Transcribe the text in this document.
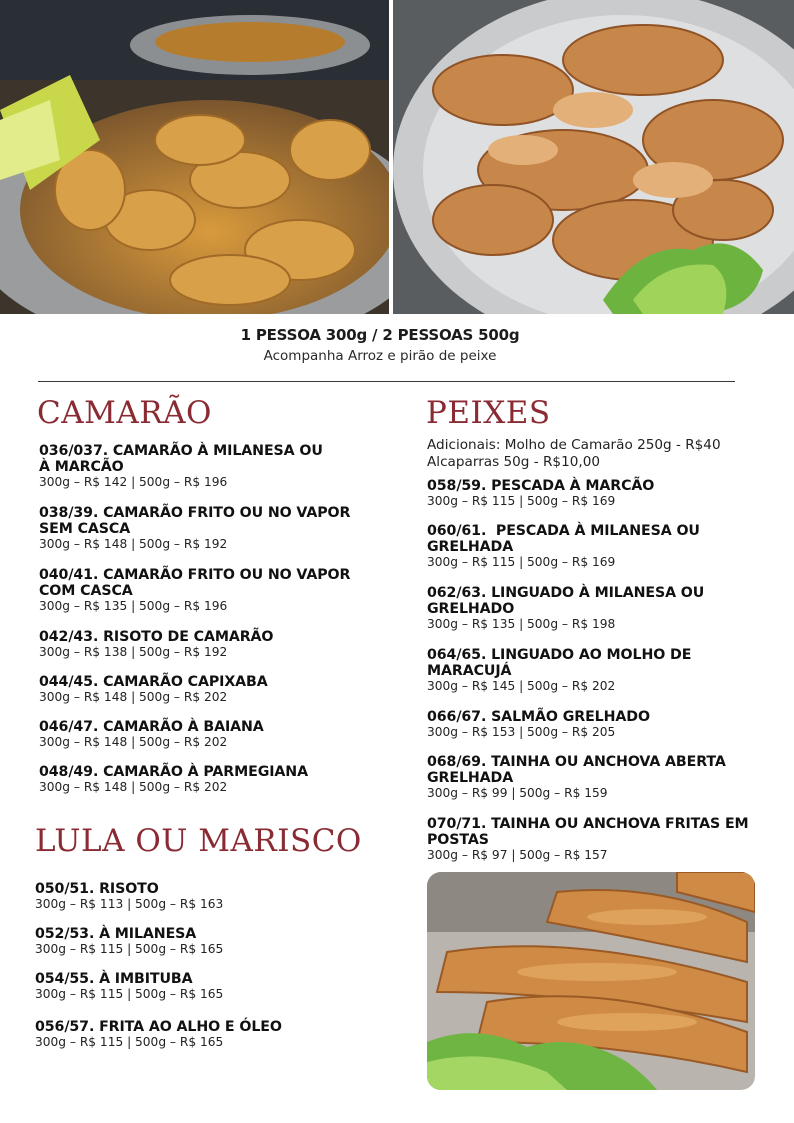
1 PESSOA 300g / 2 PESSOAS 500g
Acompanha Arroz e pirão de peixe
CAMARÃO
036/037. CAMARÃO À MILANESA OU
À MARCÃO
300g – R$ 142 | 500g – R$ 196
038/39. CAMARÃO FRITO OU NO VAPOR
SEM CASCA
300g – R$ 148 | 500g – R$ 192
040/41. CAMARÃO FRITO OU NO VAPOR
COM CASCA
300g – R$ 135 | 500g – R$ 196
042/43. RISOTO DE CAMARÃO
300g – R$ 138 | 500g – R$ 192
044/45. CAMARÃO CAPIXABA
300g – R$ 148 | 500g – R$ 202
046/47. CAMARÃO À BAIANA
300g – R$ 148 | 500g – R$ 202
048/49. CAMARÃO À PARMEGIANA
300g – R$ 148 | 500g – R$ 202
LULA OU MARISCO
050/51. RISOTO
300g – R$ 113 | 500g – R$ 163
052/53. À MILANESA
300g – R$ 115 | 500g – R$ 165
054/55. À IMBITUBA
300g – R$ 115 | 500g – R$ 165
056/57. FRITA AO ALHO E ÓLEO
300g – R$ 115 | 500g – R$ 165
PEIXES
Adicionais: Molho de Camarão 250g - R$40
Alcaparras 50g - R$10,00
058/59. PESCADA À MARCÃO
300g – R$ 115 | 500g – R$ 169
060/61.  PESCADA À MILANESA OU
GRELHADA
300g – R$ 115 | 500g – R$ 169
062/63. LINGUADO À MILANESA OU
GRELHADO
300g – R$ 135 | 500g – R$ 198
064/65. LINGUADO AO MOLHO DE
MARACUJÁ
300g – R$ 145 | 500g – R$ 202
066/67. SALMÃO GRELHADO
300g – R$ 153 | 500g – R$ 205
068/69. TAINHA OU ANCHOVA ABERTA
GRELHADA
300g – R$ 99 | 500g – R$ 159
070/71. TAINHA OU ANCHOVA FRITAS EM
POSTAS
300g – R$ 97 | 500g – R$ 157
